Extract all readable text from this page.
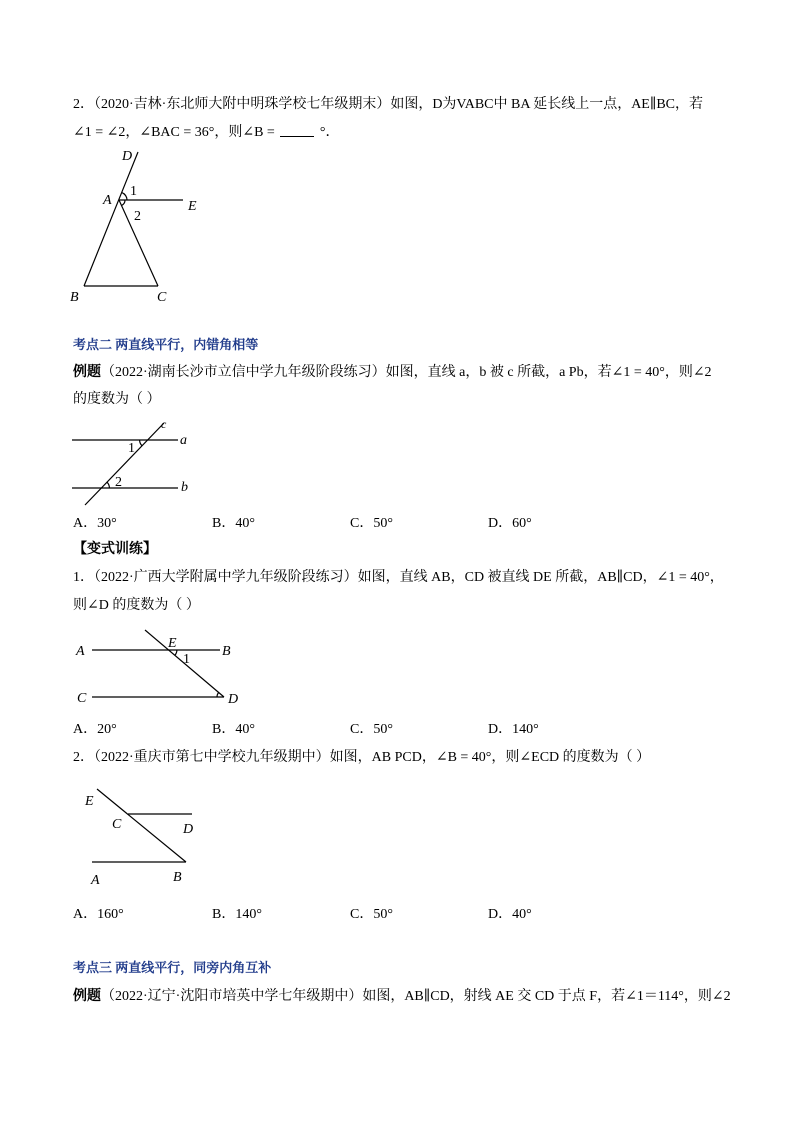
2．（2020·吉林·东北师大附中明珠学校七年级期末）如图，D为VABC中 BA 延长线上一点，AE∥BC，若
∠1 = ∠2，∠BAC = 36°，则∠B =	°．
考点二 两直线平行，内错角相等
例题（2022·湖南长沙市立信中学九年级阶段练习）如图，直线 a，b 被 c 所截，a Pb，若∠1 = 40°，则∠2
的度数为（ ）
A．30°	B．40°	C．50°	D．60°
【变式训练】
1．（2022·广西大学附属中学九年级阶段练习）如图，直线 AB，CD 被直线 DE 所截，AB∥CD，∠1 = 40°，
则∠D 的度数为（ ）
A．20°	B．40°	C．50°	D．140°
2．（2022·重庆市第七中学校九年级期中）如图，AB PCD，∠B = 40°，则∠ECD 的度数为（ ）
A．160°	B．140°	C．50°	D．40°
考点三 两直线平行，同旁内角互补
例题（2022·辽宁·沈阳市培英中学七年级期中）如图，AB∥CD，射线 AE 交 CD 于点 F，若∠1＝114°，则∠2
D
A
1
2
E
B	C
c
a
b
1
2
A
E
1
B
C	D
E
C	D
A	B
